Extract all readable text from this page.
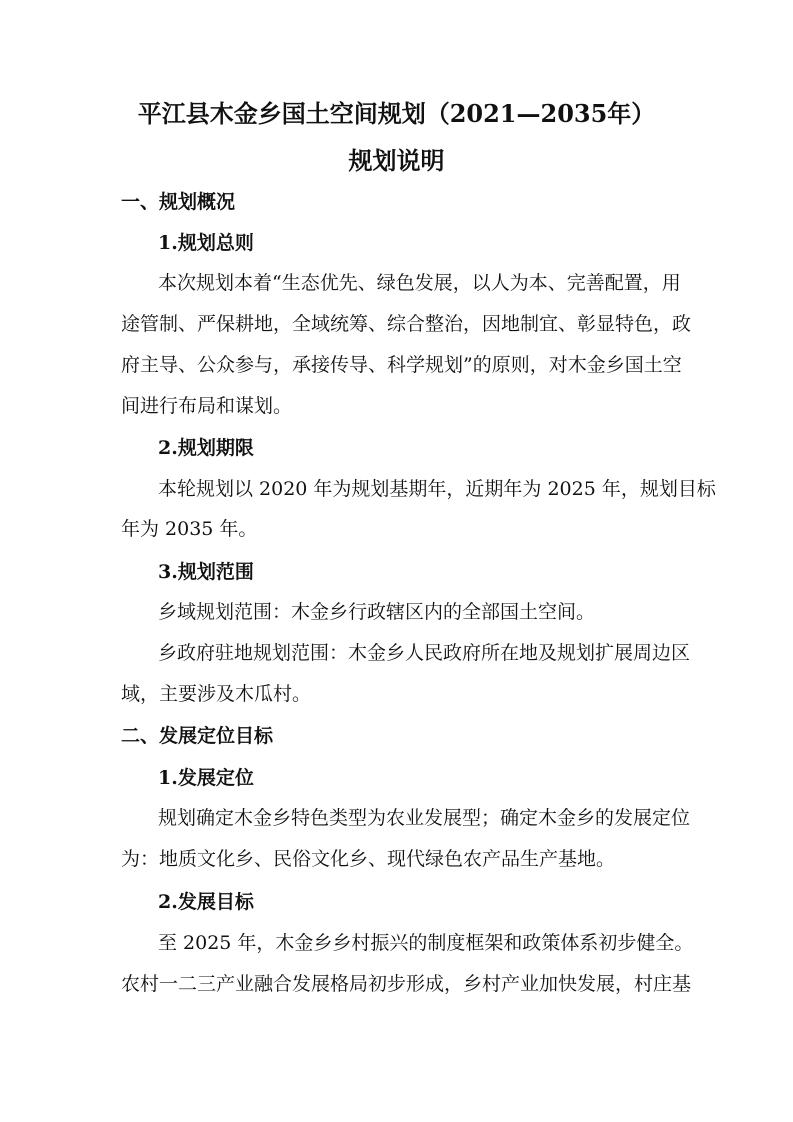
平江县木金乡国土空间规划（2021—2035年）
规划说明
一、规划概况
1.规划总则
本次规划本着“生态优先、绿色发展，以人为本、完善配置，用
途管制、严保耕地，全域统筹、综合整治，因地制宜、彰显特色，政
府主导、公众参与，承接传导、科学规划”的原则，对木金乡国土空
间进行布局和谋划。
2.规划期限
本轮规划以 2020 年为规划基期年，近期年为 2025 年，规划目标
年为 2035 年。
3.规划范围
乡域规划范围：木金乡行政辖区内的全部国土空间。
乡政府驻地规划范围：木金乡人民政府所在地及规划扩展周边区
域，主要涉及木瓜村。
二、发展定位目标
1.发展定位
规划确定木金乡特色类型为农业发展型；确定木金乡的发展定位
为：地质文化乡、民俗文化乡、现代绿色农产品生产基地。
2.发展目标
至 2025 年，木金乡乡村振兴的制度框架和政策体系初步健全。
农村一二三产业融合发展格局初步形成，乡村产业加快发展，村庄基
